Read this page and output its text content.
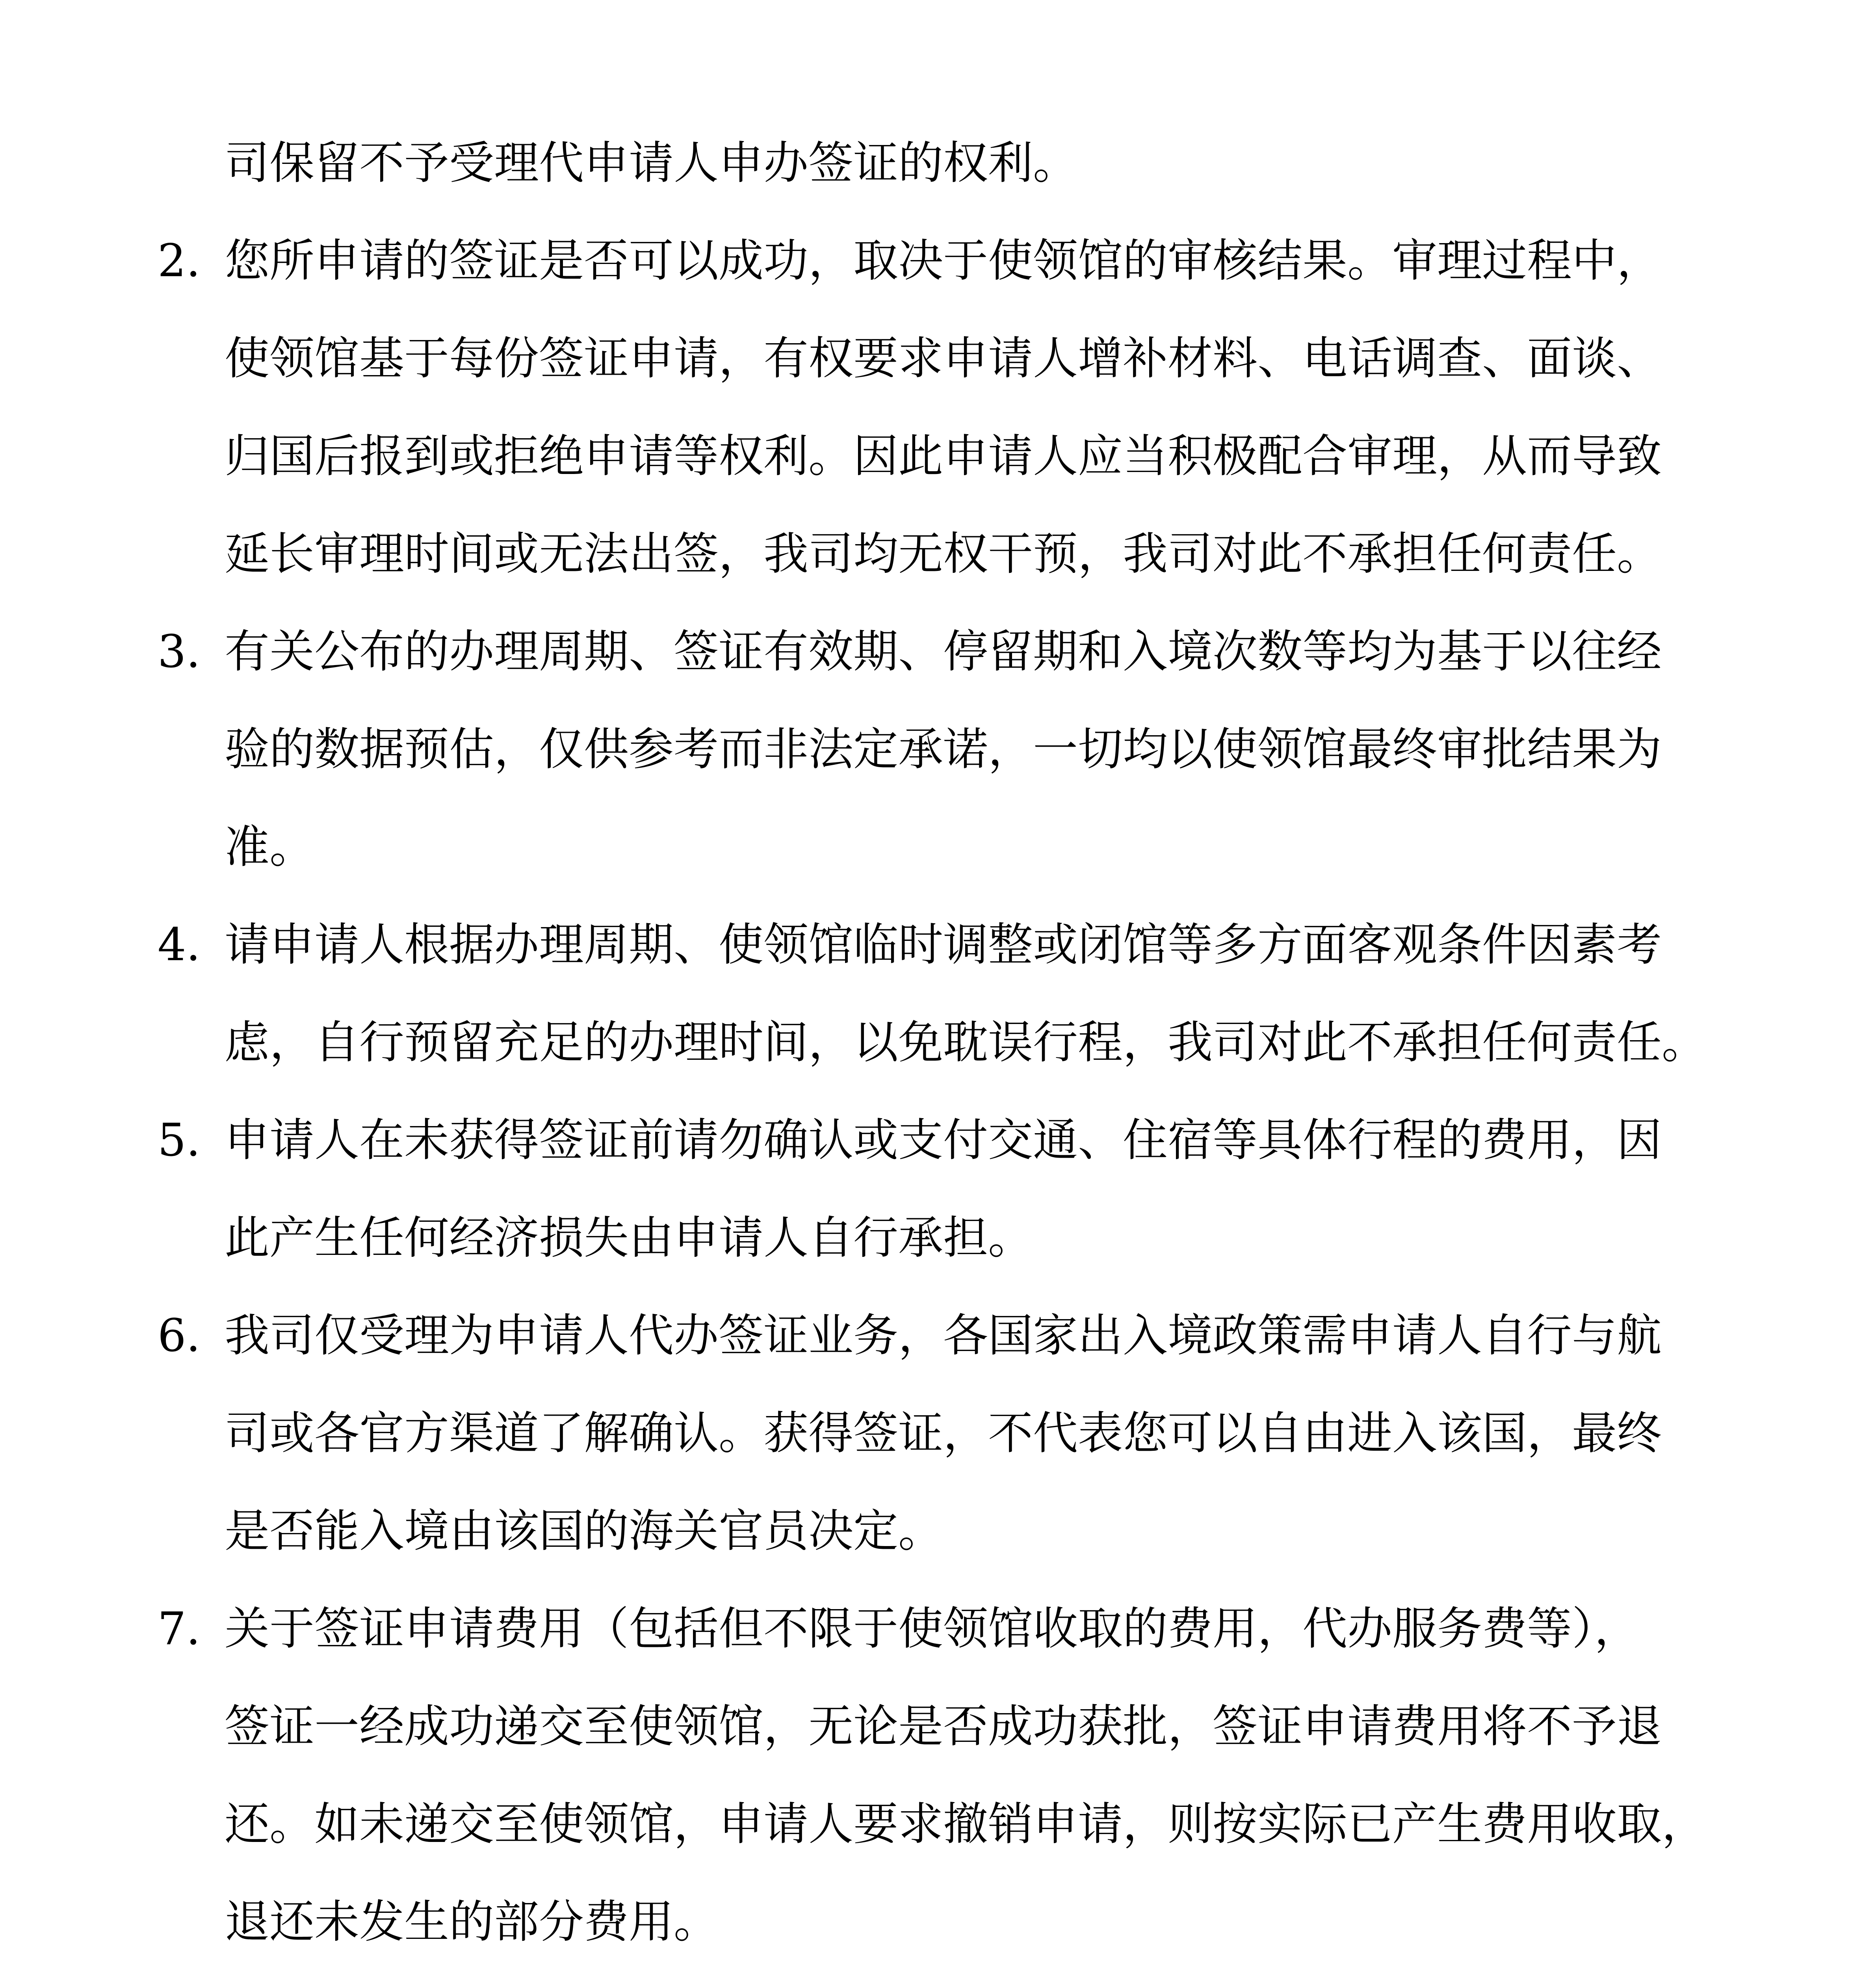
司保留不予受理代申请人申办签证的权利。
2. 您所申请的签证是否可以成功，取决于使领馆的审核结果。审理过程中，
使领馆基于每份签证申请，有权要求申请人增补材料、电话调查、面谈、
归国后报到或拒绝申请等权利。因此申请人应当积极配合审理，从而导致
延长审理时间或无法出签，我司均无权干预，我司对此不承担任何责任。
3. 有关公布的办理周期、签证有效期、停留期和入境次数等均为基于以往经
验的数据预估，仅供参考而非法定承诺，一切均以使领馆最终审批结果为
准。
4. 请申请人根据办理周期、使领馆临时调整或闭馆等多方面客观条件因素考
虑，自行预留充足的办理时间，以免耽误行程，我司对此不承担任何责任。
5. 申请人在未获得签证前请勿确认或支付交通、住宿等具体行程的费用，因
此产生任何经济损失由申请人自行承担。
6. 我司仅受理为申请人代办签证业务，各国家出入境政策需申请人自行与航
司或各官方渠道了解确认。获得签证，不代表您可以自由进入该国，最终
是否能入境由该国的海关官员决定。
7. 关于签证申请费用（包括但不限于使领馆收取的费用，代办服务费等），
签证一经成功递交至使领馆，无论是否成功获批，签证申请费用将不予退
还。如未递交至使领馆，申请人要求撤销申请，则按实际已产生费用收取，
退还未发生的部分费用。
